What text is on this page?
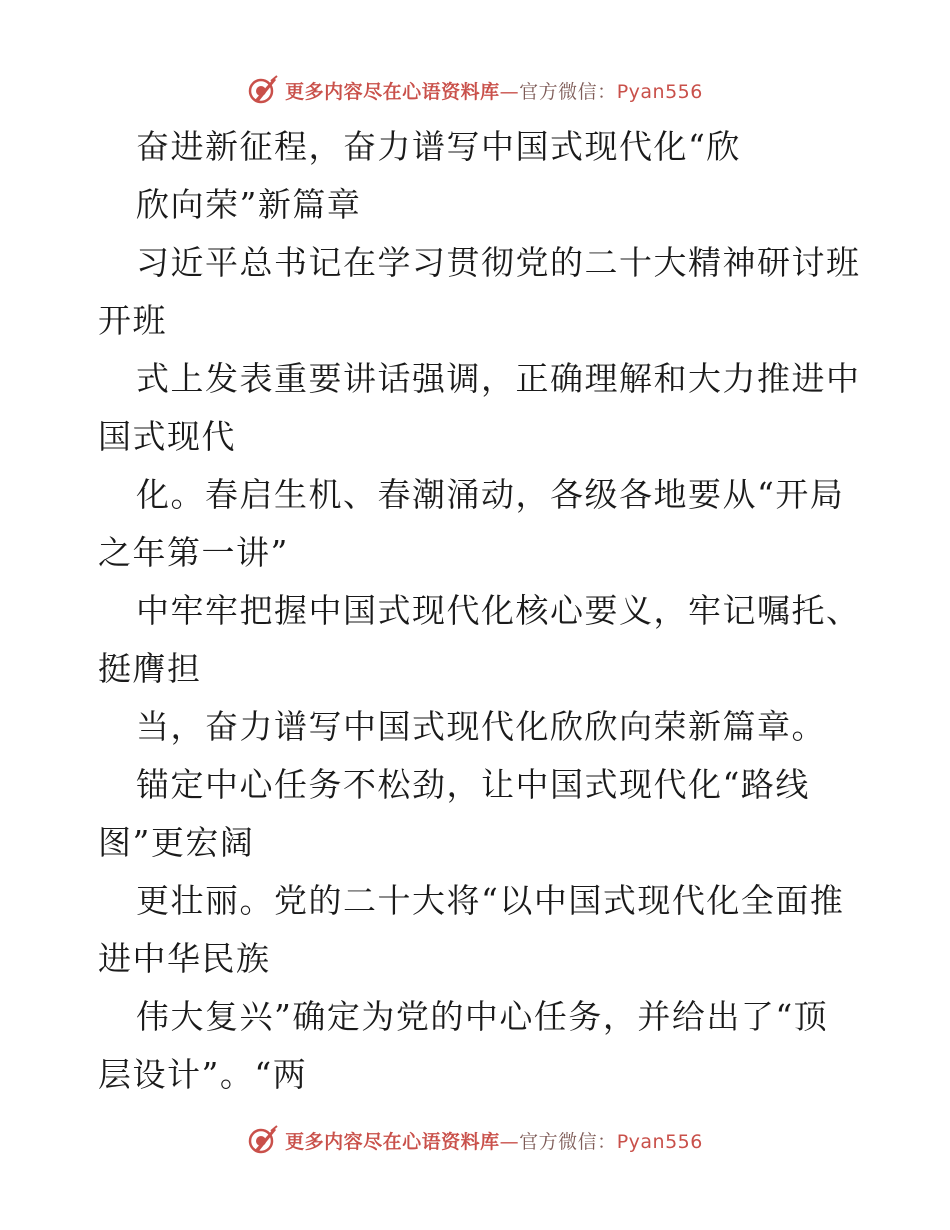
更多内容尽在心语资料库—官方微信：Pyan556
奋进新征程，奋力谱写中国式现代化“欣
欣向荣”新篇章
习近平总书记在学习贯彻党的二十大精神研讨班
开班
式上发表重要讲话强调，正确理解和大力推进中
国式现代
化。春启生机、春潮涌动，各级各地要从“开局
之年第一讲”
中牢牢把握中国式现代化核心要义，牢记嘱托、
挺膺担
当，奋力谱写中国式现代化欣欣向荣新篇章。
锚定中心任务不松劲，让中国式现代化“路线
图”更宏阔
更壮丽。党的二十大将“以中国式现代化全面推
进中华民族
伟大复兴”确定为党的中心任务，并给出了“顶
层设计”。“两
更多内容尽在心语资料库—官方微信：Pyan556
